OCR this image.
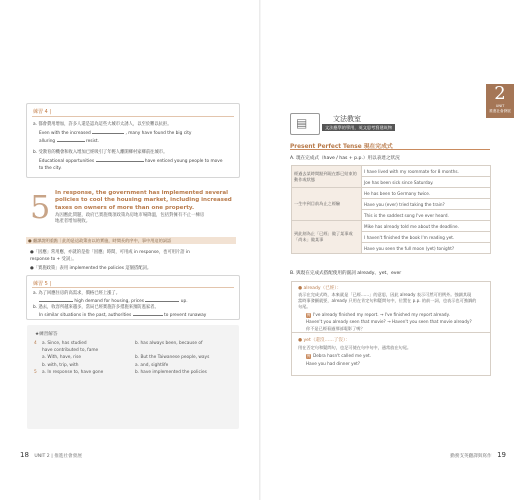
練習 4 |
a. 都會費用增加，許多人還是認為這些大城市太誘人，以至於難以抗拒。
Even with the increased	, many have found the big city
alluring	resist.
b. 受教育的機會和收入增加已經吸引了年輕人離開鄉村家鄉前往城市。
Educational opportunities	have enticed young people to move
to the city.
5 In response, the government has implemented several policies to cool the housing market, including increased taxes on owners of more than one property.
為因應此問題，政府已實施幾項政策為房地市場降溫，包括對擁有不止一棟房
地產者增加稅收。
● 翻譯說明重點｜此的是這政策由以的實施，時間長的序中，事中用這的詞語
●「因應」常用應，亦就的是指「因應」時間，可用成 in response，也可用片語 in
response to + 受詞」。
●「實施政策」表用 implemented the policies 這個搭配詞。
練習 5 |
a. 為了回應住房的高需求，價格已經上漲了。
high demand for housing, prices	up.
b. 過去，收容所越來越多，當局已經實施許多措施來預防逃家者。
In similar situations in the past, authorities	to prevent runaway
★練習解答
4 a. Since, has studied	b. has always been, because of
have contributed to, fame
a. With, have, rise	b. But the Taiwanese people, ways
b. with, trip, with	a. and, sightlife
5 a. In response to, have gone	b. have implemented the policies
18 UNIT 2 | 推進社會發展
2
UNIT
推進社會發展
▤	文法教室
文法應學的學用，英文思考寫建筑物
Present Perfect Tense 現在完成式
A. 現在完成式（have / has + p.p.）用以表達之狀況
經過去某時間點到現在都已結束的動作或狀態	I have lived with my roommate for 8 months.
	Joe has been sick since Saturday.
一生中到目前為止之經驗	He has been to Germany twice.
	Have you (ever) tried taking the train?
	This is the saddest song I've ever heard.
到此刻為止「已經」做了某事或「尚未」做某事	Mike has already told me about the deadline.
	I haven't finished the book I'm reading yet.
	Have you seen the full moon (yet) tonight?
B. 與現在完成式搭配使用的副詞 already、yet、ever
● already（已經）：
表示在完成式時，本來就是「已經……」的意思，因此 already 表示可然可用例外。強調其現
當時事發顯就要，already 只用在肯定句和疑問句中，位置在 p.p. 的前一詞，也表示也可強調的
句尾。
例 I've already finished my report. → I've finished my report already.
Haven't you already seen that movie? → Haven't you seen that movie already?
你不是已經看過那部電影了嗎？
● yet（還沒……了沒）：
用在否定句和疑問句，也足可使在句中句中，通常放在句尾。
例 Debra hasn't called me yet.
Have you had dinner yet?
勤務支英翻譯與寫作 19
